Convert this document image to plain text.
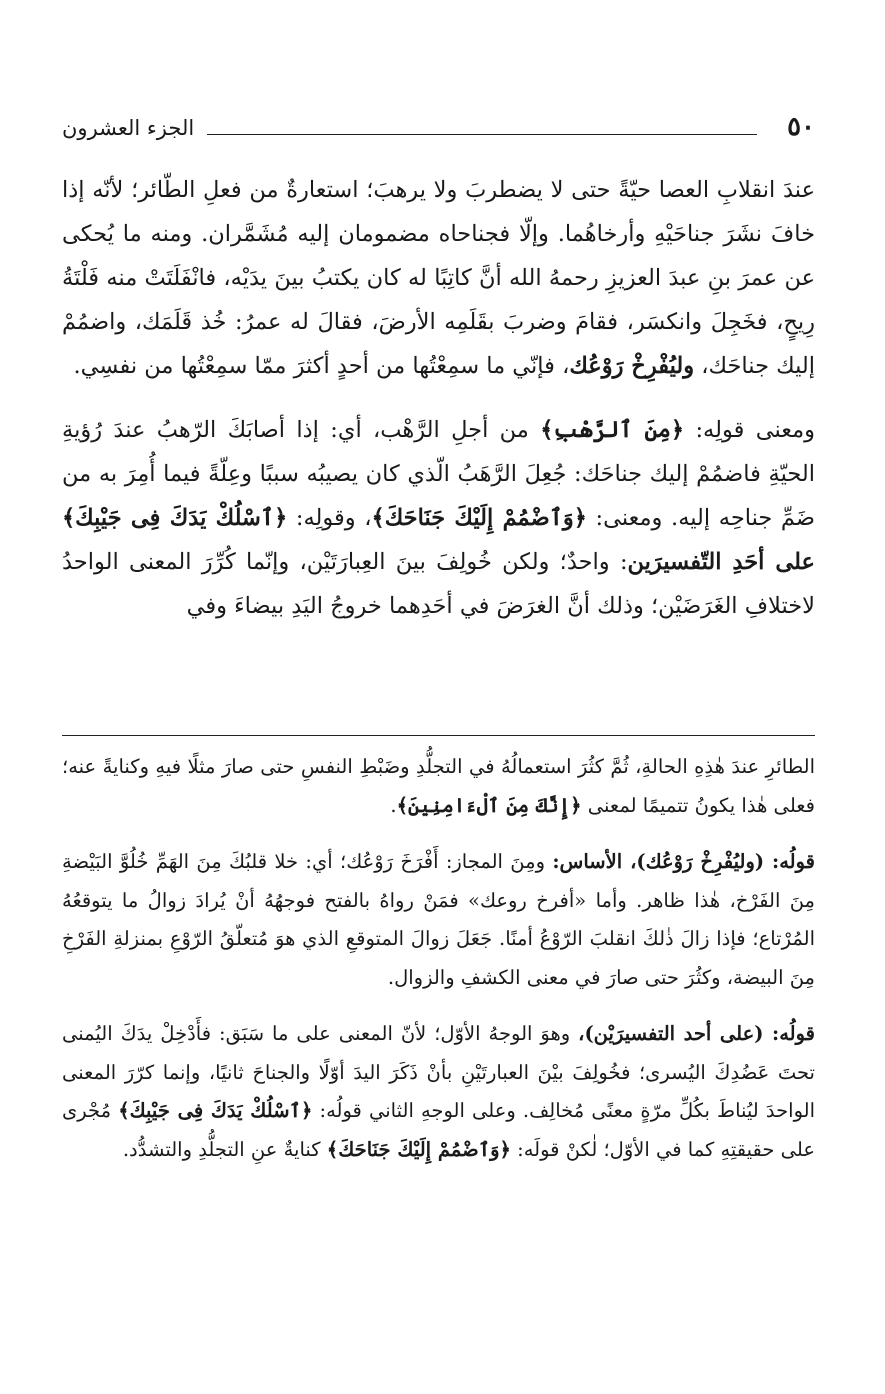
٥٠
الجزء العشرون

عندَ انقلابِ العصا حيّةً حتى لا يضطربَ ولا يرهبَ؛ استعارةٌ من فعلِ الطّائر؛ لأنّه إذا خافَ نشَرَ جناحَيْهِ وأرخاهُما. وإلّا فجناحاه مضمومان إليه مُشَمَّران. ومنه ما يُحكى عن عمرَ بنِ عبدَ العزيزِ رحمهُ الله أنَّ كاتِبًا له كان يكتبُ بينَ يدَيْه، فانْفَلَتَتْ منه فَلْتَةُ رِيحٍ، فخَجِلَ وانكسَر، فقامَ وضربَ بقَلَمِه الأرضَ، فقالَ له عمرُ: خُذ قَلَمَك، واضمُمْ إليك جناحَك، وليُفْرِخْ رَوْعُك، فإنّي ما سمِعْتُها من أحدٍ أكثرَ ممّا سمِعْتُها من نفسِي.

ومعنى قولِه: ﴿مِنَ ٱلرَّهْبِ﴾ من أجلِ الرَّهْب، أي: إذا أصابَكَ الرّهبُ عندَ رُؤيةِ الحيّةِ فاضمُمْ إليك جناحَك: جُعِلَ الرَّهَبُ الّذي كان يصيبُه سببًا وعِلّةً فيما أُمِرَ به من ضَمِّ جناحِه إليه. ومعنى: ﴿وَٱضْمُمْ إِلَيْكَ جَنَاحَكَ﴾، وقولِه: ﴿ٱسْلُكْ يَدَكَ فِى جَيْبِكَ﴾ على أحَدِ التّفسيرَين: واحدٌ؛ ولكن خُولِفَ بينَ العِبارَتَيْن، وإنّما كُرِّرَ المعنى الواحدُ لاختلافِ الغَرَضَيْن؛ وذلك أنَّ الغرَضَ في أحَدِهما خروجُ اليَدِ بيضاءَ وفي

الطائرِ عندَ هٰذِهِ الحالةِ، ثُمَّ كثُرَ استعمالُهُ في التجلُّدِ وضَبْطِ النفسِ حتى صارَ مثلًا فيهِ وكنايةً عنه؛ فعلى هٰذا يكونُ تتميمًا لمعنى ﴿إِنَّكَ مِنَ ٱلْءَامِنِينَ﴾.

قولُه: (وليُفْرِخْ رَوْعُك)، الأساس: ومِنَ المجاز: أَفْرَخَ رَوْعُك؛ أي: خلا قلبُكَ مِنَ الهَمِّ خُلُوَّ البَيْضةِ مِنَ الفَرْخ، هٰذا ظاهر. وأما «أفرخ روعك» فمَنْ رواهُ بالفتح فوجهُهُ أنْ يُرادَ زوالُ ما يتوقعُهُ المُرْتاع؛ فإذا زالَ ذٰلكَ انقلبَ الرّوْعُ أمنًا. جَعَلَ زوالَ المتوقعِ الذي هوَ مُتعلّقُ الرّوْعِ بمنزلةِ الفَرْخِ مِنَ البيضة، وكثُرَ حتى صارَ في معنى الكشفِ والزوال.

قولُه: (على أحد التفسيرَيْن)، وهوَ الوجهُ الأوّل؛ لأنّ المعنى على ما سَبَق: فأَدْخِلْ يدَكَ اليُمنى تحتَ عَضُدِكَ اليُسرى؛ فخُولِفَ بيْنَ العبارتَيْنِ بأنْ ذَكَرَ اليدَ أوّلًا والجناحَ ثانيًا، وإنما كرّرَ المعنى الواحدَ ليُناطَ بكُلِّ مرّةٍ معنًى مُخالِف. وعلى الوجهِ الثاني قولُه: ﴿ٱسْلُكْ يَدَكَ فِى جَيْبِكَ﴾ مُجْرى على حقيقتِهِ كما في الأوّل؛ لٰكنْ قولَه: ﴿وَٱضْمُمْ إِلَيْكَ جَنَاحَكَ﴾ كنايةٌ عنِ التجلُّدِ والتشدُّد.
